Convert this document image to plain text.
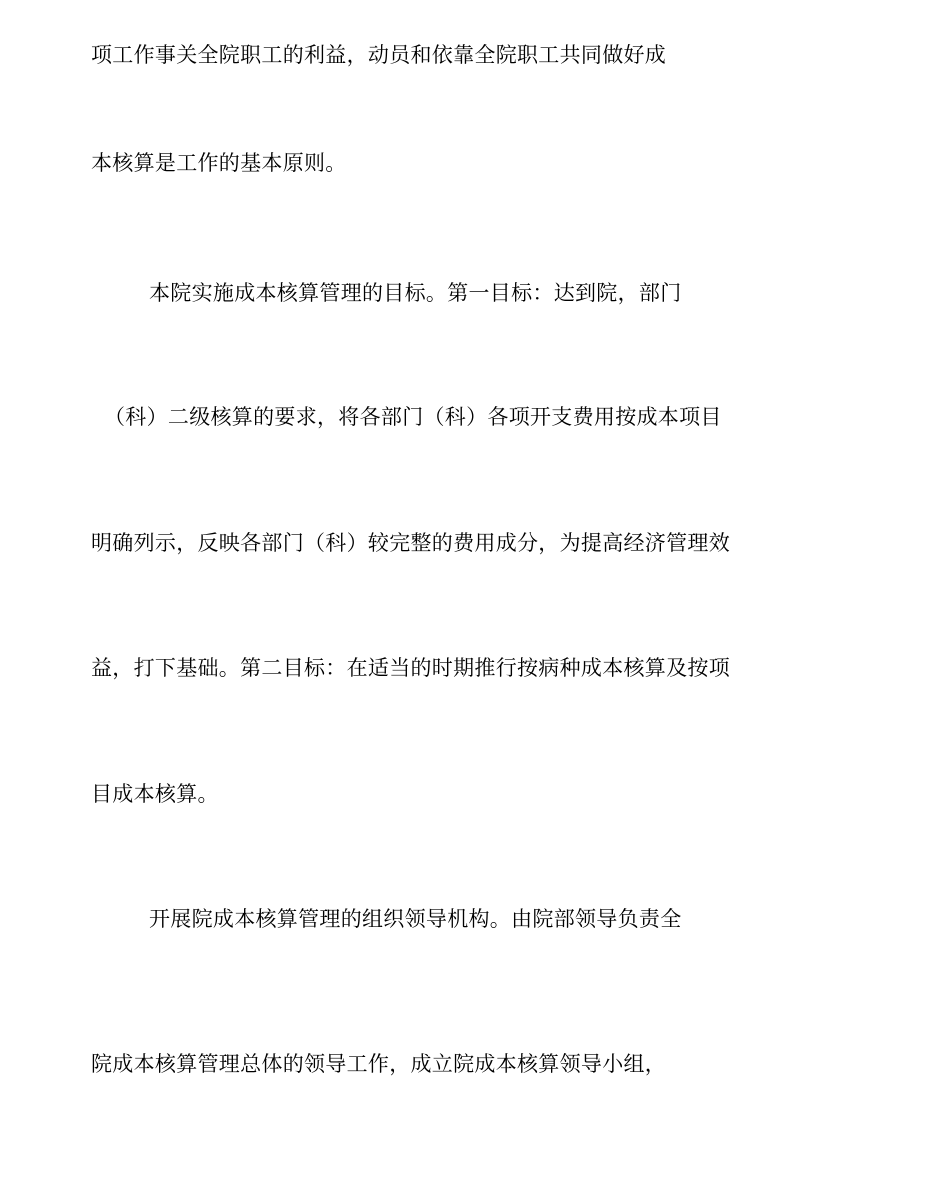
项工作事关全院职工的利益，动员和依靠全院职工共同做好成
本核算是工作的基本原则。
本院实施成本核算管理的目标。第一目标：达到院，部门
（科）二级核算的要求，将各部门（科）各项开支费用按成本项目
明确列示，反映各部门（科）较完整的费用成分，为提高经济管理效
益，打下基础。第二目标：在适当的时期推行按病种成本核算及按项
目成本核算。
开展院成本核算管理的组织领导机构。由院部领导负责全
院成本核算管理总体的领导工作，成立院成本核算领导小组，
